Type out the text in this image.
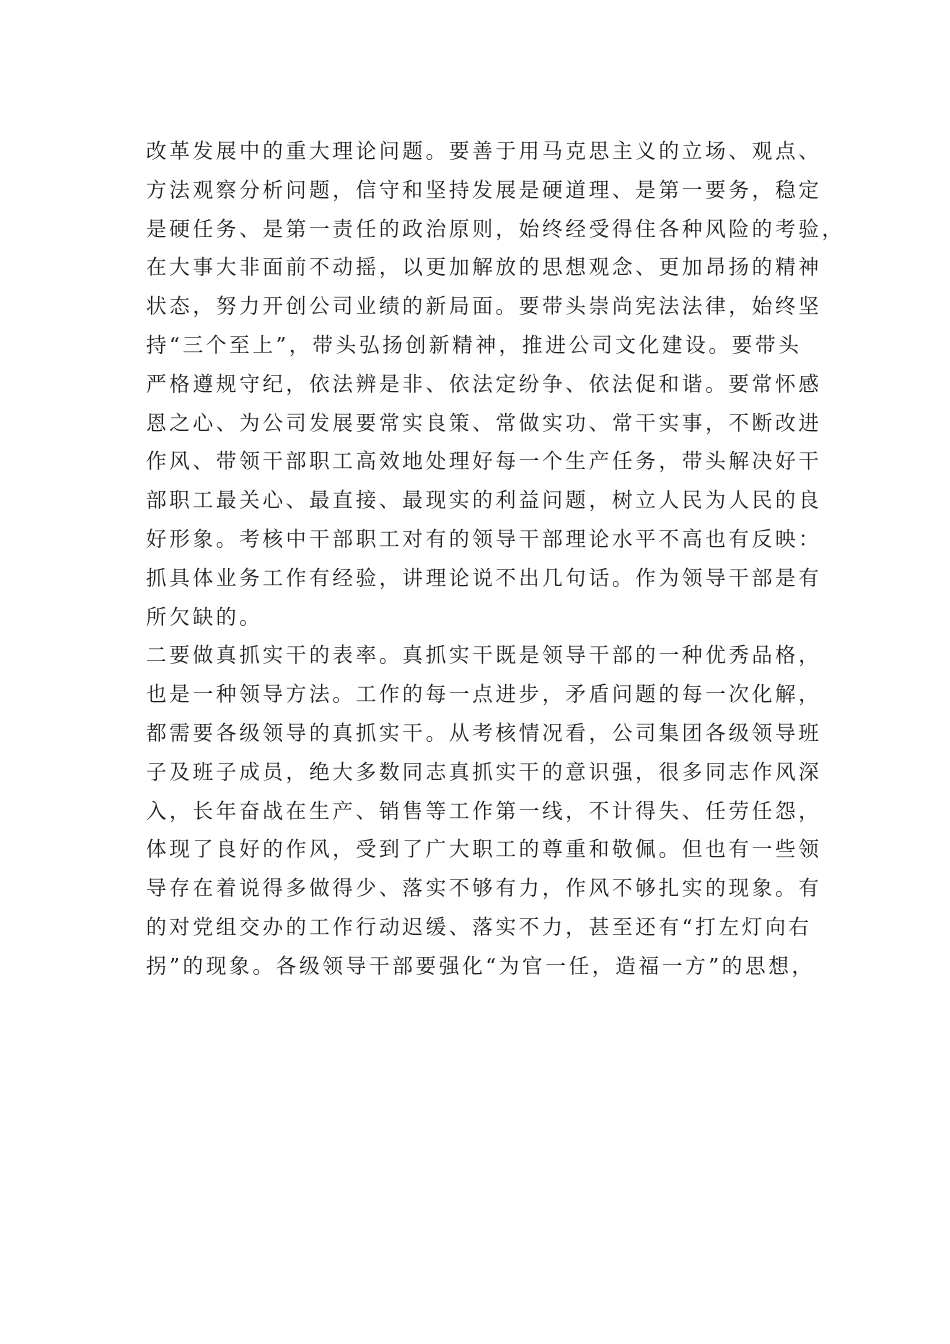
改革发展中的重大理论问题。要善于用马克思主义的立场、观点、
方法观察分析问题，信守和坚持发展是硬道理、是第一要务，稳定
是硬任务、是第一责任的政治原则，始终经受得住各种风险的考验，
在大事大非面前不动摇，以更加解放的思想观念、更加昂扬的精神
状态，努力开创公司业绩的新局面。要带头崇尚宪法法律，始终坚
持“三个至上”，带头弘扬创新精神，推进公司文化建设。要带头
严格遵规守纪，依法辨是非、依法定纷争、依法促和谐。要常怀感
恩之心、为公司发展要常实良策、常做实功、常干实事，不断改进
作风、带领干部职工高效地处理好每一个生产任务，带头解决好干
部职工最关心、最直接、最现实的利益问题，树立人民为人民的良
好形象。考核中干部职工对有的领导干部理论水平不高也有反映：
抓具体业务工作有经验，讲理论说不出几句话。作为领导干部是有
所欠缺的。
二要做真抓实干的表率。真抓实干既是领导干部的一种优秀品格，
也是一种领导方法。工作的每一点进步，矛盾问题的每一次化解，
都需要各级领导的真抓实干。从考核情况看，公司集团各级领导班
子及班子成员，绝大多数同志真抓实干的意识强，很多同志作风深
入，长年奋战在生产、销售等工作第一线，不计得失、任劳任怨，
体现了良好的作风，受到了广大职工的尊重和敬佩。但也有一些领
导存在着说得多做得少、落实不够有力，作风不够扎实的现象。有
的对党组交办的工作行动迟缓、落实不力，甚至还有“打左灯向右
拐”的现象。各级领导干部要强化“为官一任，造福一方”的思想，
